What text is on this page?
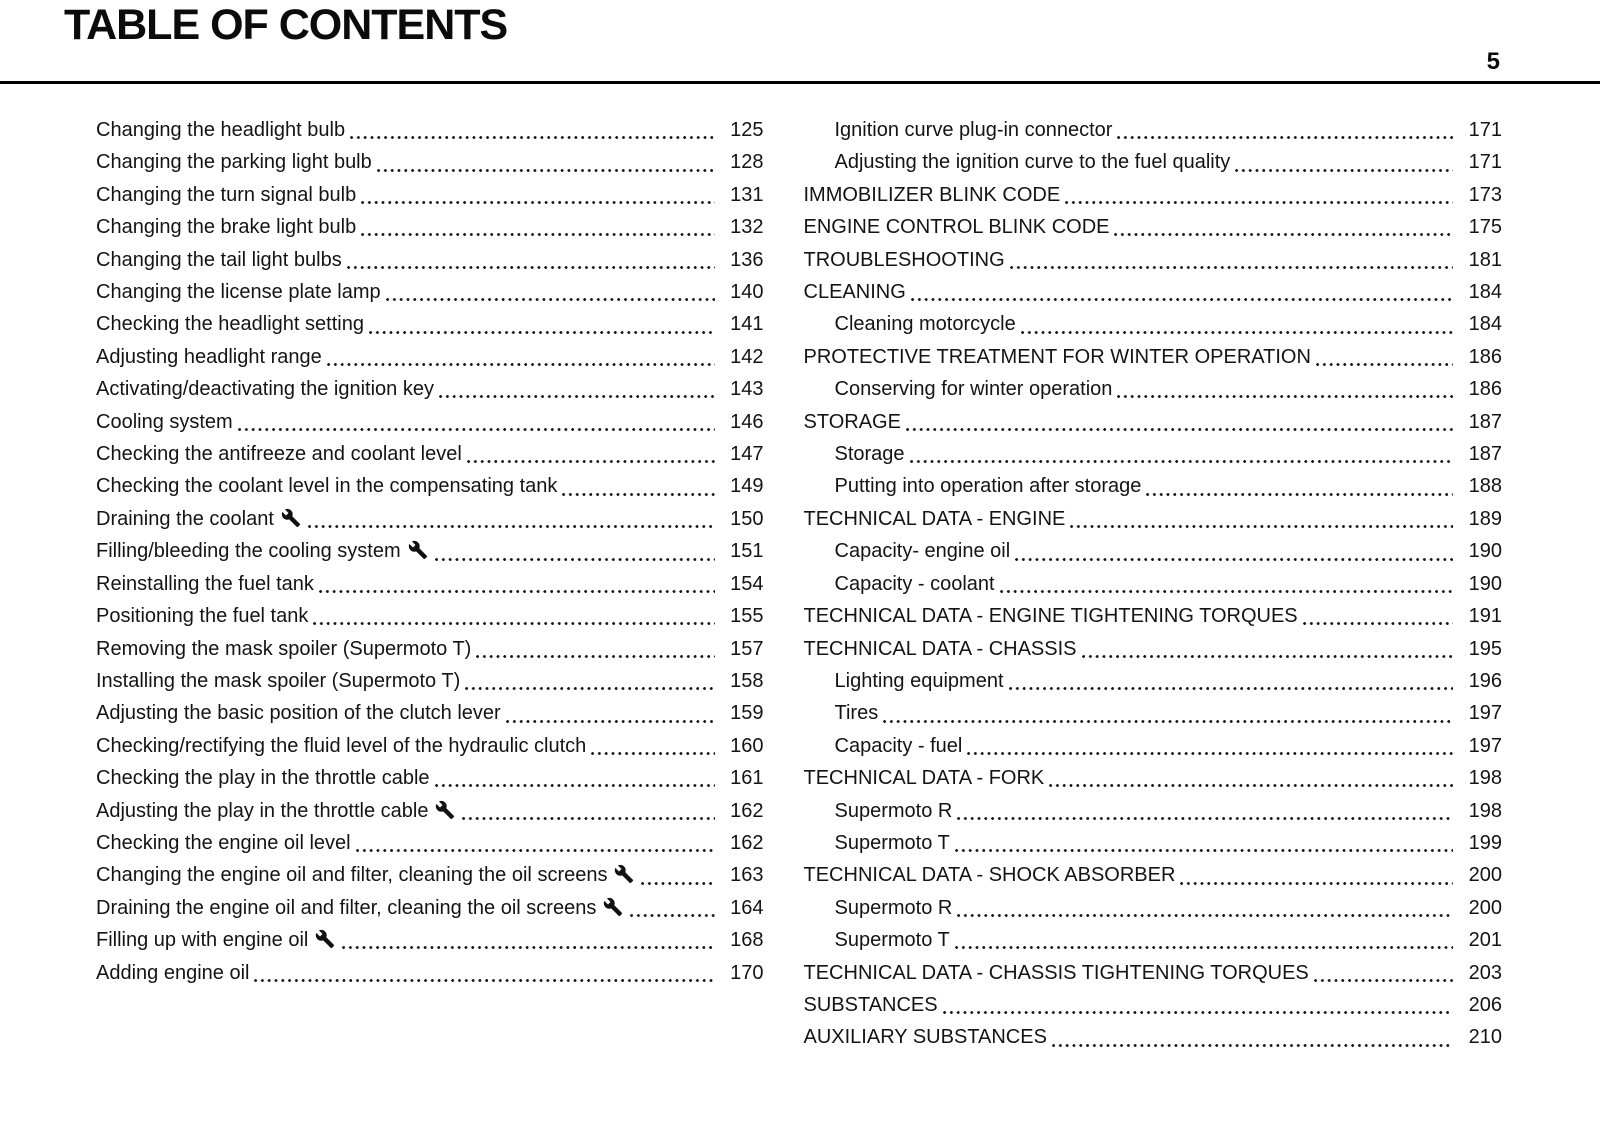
TABLE OF CONTENTS
5
Changing the headlight bulb	125
Changing the parking light bulb	128
Changing the turn signal bulb	131
Changing the brake light bulb	132
Changing the tail light bulbs	136
Changing the license plate lamp	140
Checking the headlight setting	141
Adjusting headlight range	142
Activating/deactivating the ignition key	143
Cooling system	146
Checking the antifreeze and coolant level	147
Checking the coolant level in the compensating tank	149
Draining the coolant	150
Filling/bleeding the cooling system	151
Reinstalling the fuel tank	154
Positioning the fuel tank	155
Removing the mask spoiler (Supermoto T)	157
Installing the mask spoiler (Supermoto T)	158
Adjusting the basic position of the clutch lever	159
Checking/rectifying the fluid level of the hydraulic clutch	160
Checking the play in the throttle cable	161
Adjusting the play in the throttle cable	162
Checking the engine oil level	162
Changing the engine oil and filter, cleaning the oil screens	163
Draining the engine oil and filter, cleaning the oil screens	164
Filling up with engine oil	168
Adding engine oil	170
Ignition curve plug-in connector	171
Adjusting the ignition curve to the fuel quality	171
IMMOBILIZER BLINK CODE	173
ENGINE CONTROL BLINK CODE	175
TROUBLESHOOTING	181
CLEANING	184
Cleaning motorcycle	184
PROTECTIVE TREATMENT FOR WINTER OPERATION	186
Conserving for winter operation	186
STORAGE	187
Storage	187
Putting into operation after storage	188
TECHNICAL DATA - ENGINE	189
Capacity- engine oil	190
Capacity - coolant	190
TECHNICAL DATA - ENGINE TIGHTENING TORQUES	191
TECHNICAL DATA - CHASSIS	195
Lighting equipment	196
Tires	197
Capacity - fuel	197
TECHNICAL DATA - FORK	198
Supermoto R	198
Supermoto T	199
TECHNICAL DATA - SHOCK ABSORBER	200
Supermoto R	200
Supermoto T	201
TECHNICAL DATA - CHASSIS TIGHTENING TORQUES	203
SUBSTANCES	206
AUXILIARY SUBSTANCES	210
